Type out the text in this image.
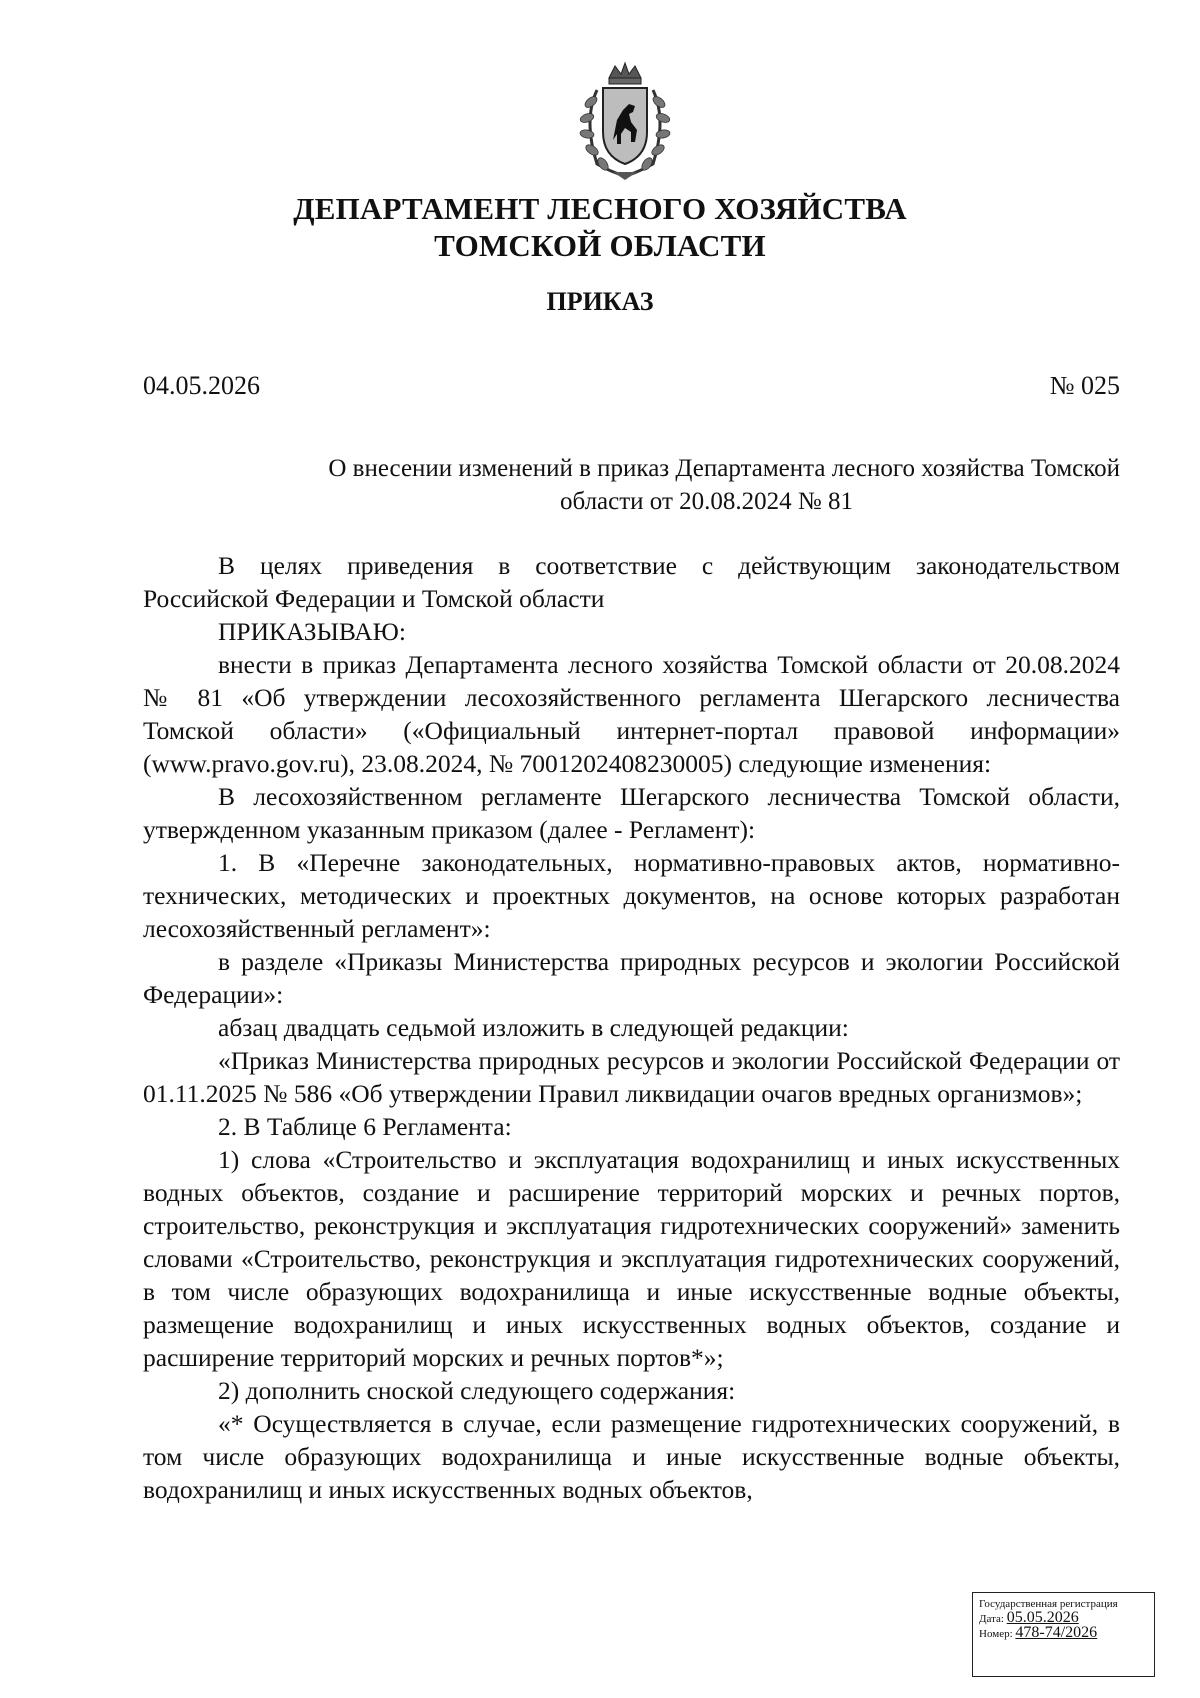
ДЕПАРТАМЕНТ ЛЕСНОГО ХОЗЯЙСТВА
ТОМСКОЙ ОБЛАСТИ
ПРИКАЗ
04.05.2026	№ 025
О внесении изменений в приказ Департамента лесного хозяйства Томской
области от 20.08.2024 № 81

В целях приведения в соответствие с действующим законодательством Российской Федерации и Томской области

ПРИКАЗЫВАЮ:

внести в приказ Департамента лесного хозяйства Томской области от 20.08.2024 № 81 «Об утверждении лесохозяйственного регламента Шегарского лесничества Томской области» («Официальный интернет-портал правовой информации» (www.pravo.gov.ru), 23.08.2024, № 7001202408230005) следующие изменения:

В лесохозяйственном регламенте Шегарского лесничества Томской области, утвержденном указанным приказом (далее - Регламент):

1. В «Перечне законодательных, нормативно-правовых актов, нормативно-технических, методических и проектных документов, на основе которых разработан лесохозяйственный регламент»:

в разделе «Приказы Министерства природных ресурсов и экологии Российской Федерации»:

абзац двадцать седьмой изложить в следующей редакции:

«Приказ Министерства природных ресурсов и экологии Российской Федерации от 01.11.2025 № 586 «Об утверждении Правил ликвидации очагов вредных организмов»;

2. В Таблице 6 Регламента:

1) слова «Строительство и эксплуатация водохранилищ и иных искусственных водных объектов, создание и расширение территорий морских и речных портов, строительство, реконструкция и эксплуатация гидротехнических сооружений» заменить словами «Строительство, реконструкция и эксплуатация гидротехнических сооружений, в том числе образующих водохранилища и иные искусственные водные объекты, размещение водохранилищ и иных искусственных водных объектов, создание и расширение территорий морских и речных портов*»;

2) дополнить сноской следующего содержания:

«* Осуществляется в случае, если размещение гидротехнических сооружений, в том числе образующих водохранилища и иные искусственные водные объекты, водохранилищ и иных искусственных водных объектов,

Государственная регистрация
Дата: 05.05.2026
Номер: 478-74/2026
